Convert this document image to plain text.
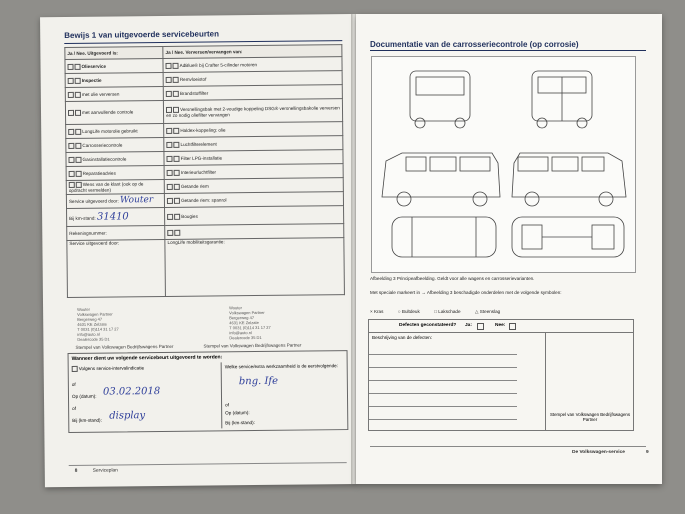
Bewijs 1 van uitgevoerde servicebeurten
Ja / Nee. Uitgevoerd is:	Ja / Nee. Verversen/vervangen van:
Olieservice	AdBlue® bij Crafter 5-cilinder motoren
Inspectie	Remvloeistof
met olie verversen	Brandstoffilter
met aanvullende controle	Versnellingsbak met 2-voudige koppeling DSG® versnellingsbakolie verversen en zo nodig oliefilter vervangen
LongLife motorolie gebruikt	Haldex-koppeling: olie
Carrosseriecontrole	Luchtfilterelement
Gasinstallatiecontrole	Filter LPG-installatie
Reparatieadvies	Interieurluchtfilter
Wens van de klant (ook op de opdracht vermelden)	Getande riem
Service uitgevoerd door: Wouter	Getande riem: spanrol
Bij km-stand: 31410	Bougies
Rekeningnummer:	
Service uitgevoerd door:	LongLife mobiliteitsgarantie:
Wouter
Volkswagen Partner
Bergerweg 47
4631 KE Zelzate
T 0031 (0)114 31 17 27
info@auto.nl
Dealercode 35 D1
Wouter
Volkswagen Partner
Bergerweg 47
4631 KE Zelzate
T 0031 (0)114 31 17 27
info@auto.nl
Dealercode 35 D1
Stempel van Volkswagen Bedrijfswagens Partner	Stempel van Volkswagen Bedrijfswagens Partner
Wanneer dient uw volgende servicebeurt uitgevoerd te worden:
Volgens service-intervalindicatie
of
Op (datum): 03.02.2018
of
Bij (km-stand): display
Welke service/extra werkzaamheid is de eerstvolgende:
bng. Ife
of
Op (datum):
Bij (km-stand):
8	Serviceplan
Documentatie van de carrosseriecontrole (op corrosie)
Afbeelding 3 Principeafbeelding. Geldt voor alle wagens en carrosserievarianten.
Met speciale markeert in → Afbeelding 3 beschadigde onderdelen met de volgende symbolen:
× Kras	○ Bultdeuk	□ Lakschade	△ Steenslag
Defecten geconstateerd? Ja:	Nee:
Beschrijving van de defecten:
Stempel van Volkswagen Bedrijfswagens Partner
De Volkswagen-service	9
